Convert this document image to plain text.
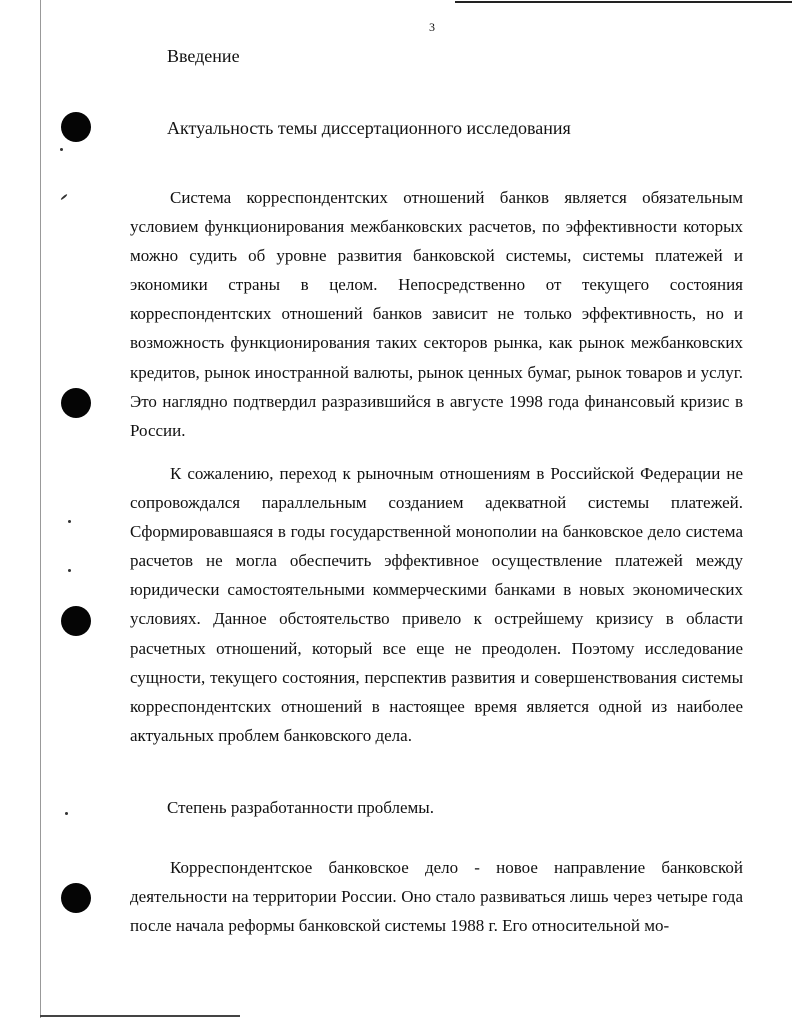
3
Введение
Актуальность темы диссертационного исследования

Система корреспондентских отношений банков является обязательным условием функционирования межбанковских расчетов, по эффективности которых можно судить об уровне развития банковской системы, системы платежей и экономики страны в целом. Непосредственно от текущего состояния корреспондентских отношений банков зависит не только эффективность, но и возможность функционирования таких секторов рынка, как рынок межбанковских кредитов, рынок иностранной валюты, рынок ценных бумаг, рынок товаров и услуг. Это наглядно подтвердил разразившийся в августе 1998 года финансовый кризис в России.

К сожалению, переход к рыночным отношениям в Российской Федерации не сопровождался параллельным созданием адекватной системы платежей. Сформировавшаяся в годы государственной монополии на банковское дело система расчетов не могла обеспечить эффективное осуществление платежей между юридически самостоятельными коммерческими банками в новых экономических условиях. Данное обстоятельство привело к острейшему кризису в области расчетных отношений, который все еще не преодолен. Поэтому исследование сущности, текущего состояния, перспектив развития и совершенствования системы корреспондентских отношений в настоящее время является одной из наиболее актуальных проблем банковского дела.

Степень разработанности проблемы.

Корреспондентское банковское дело - новое направление банковской деятельности на территории России. Оно стало развиваться лишь через четыре года после начала реформы банковской системы 1988 г. Его относительной мо-
